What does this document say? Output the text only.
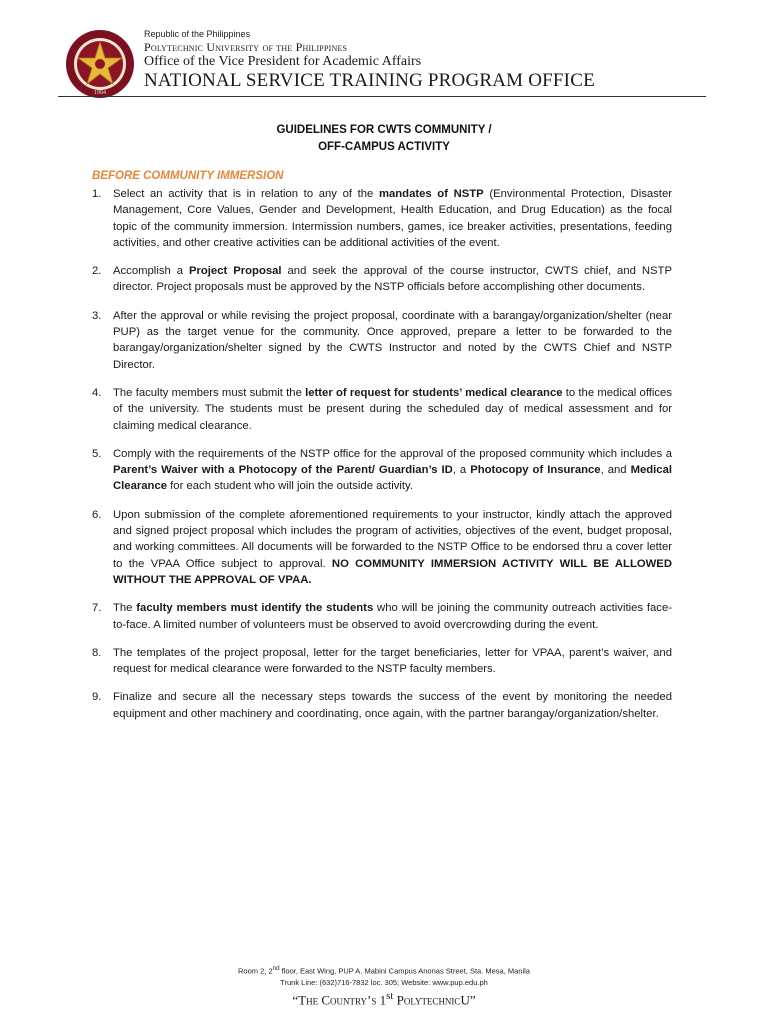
1904
Republic of the Philippines
Polytechnic University of the Philippines
Office of the Vice President for Academic Affairs
NATIONAL SERVICE TRAINING PROGRAM OFFICE
GUIDELINES FOR CWTS COMMUNITY /
OFF-CAMPUS ACTIVITY
BEFORE COMMUNITY IMMERSION
1. Select an activity that is in relation to any of the mandates of NSTP (Environmental Protection, Disaster Management, Core Values, Gender and Development, Health Education, and Drug Education) as the focal topic of the community immersion. Intermission numbers, games, ice breaker activities, presentations, feeding activities, and other creative activities can be additional activities of the event.
2. Accomplish a Project Proposal and seek the approval of the course instructor, CWTS chief, and NSTP director. Project proposals must be approved by the NSTP officials before accomplishing other documents.
3. After the approval or while revising the project proposal, coordinate with a barangay/organization/shelter (near PUP) as the target venue for the community. Once approved, prepare a letter to be forwarded to the barangay/organization/shelter signed by the CWTS Instructor and noted by the CWTS Chief and NSTP Director.
4. The faculty members must submit the letter of request for students’ medical clearance to the medical offices of the university. The students must be present during the scheduled day of medical assessment and for claiming medical clearance.
5. Comply with the requirements of the NSTP office for the approval of the proposed community which includes a Parent’s Waiver with a Photocopy of the Parent/ Guardian’s ID, a Photocopy of Insurance, and Medical Clearance for each student who will join the outside activity.
6. Upon submission of the complete aforementioned requirements to your instructor, kindly attach the approved and signed project proposal which includes the program of activities, objectives of the event, budget proposal, and working committees. All documents will be forwarded to the NSTP Office to be endorsed thru a cover letter to the VPAA Office subject to approval. NO COMMUNITY IMMERSION ACTIVITY WILL BE ALLOWED WITHOUT THE APPROVAL OF VPAA.
7. The faculty members must identify the students who will be joining the community outreach activities face-to-face. A limited number of volunteers must be observed to avoid overcrowding during the event.
8. The templates of the project proposal, letter for the target beneficiaries, letter for VPAA, parent’s waiver, and request for medical clearance were forwarded to the NSTP faculty members.
9. Finalize and secure all the necessary steps towards the success of the event by monitoring the needed equipment and other machinery and coordinating, once again, with the partner barangay/organization/shelter.
Room 2, 2nd floor, East Wing, PUP A. Mabini Campus Anonas Street, Sta. Mesa, Manila
Trunk Line: (632)716-7832 loc. 305; Website: www.pup.edu.ph
“The Country’s 1st PolytechnicU”
